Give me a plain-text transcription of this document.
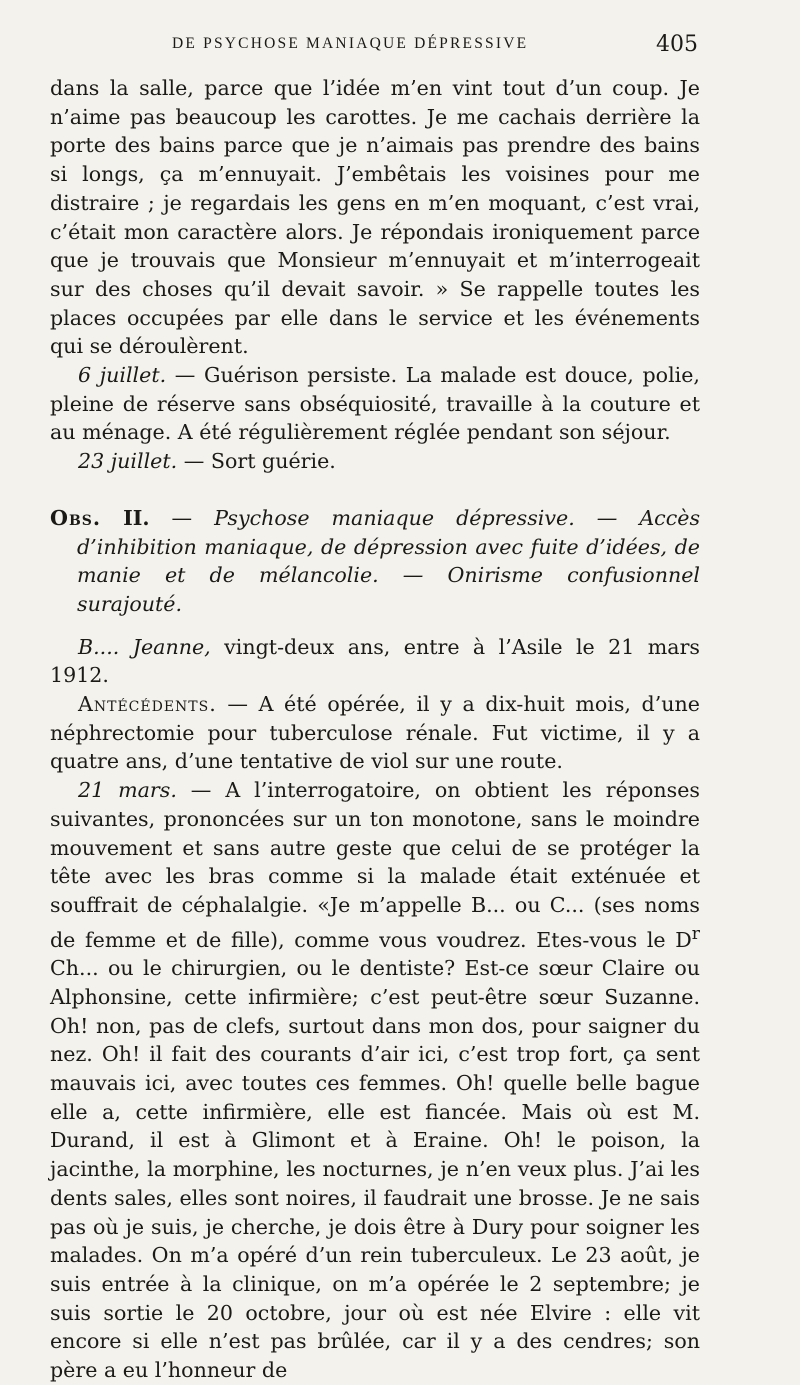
DE PSYCHOSE MANIAQUE DÉPRESSIVE	405

dans la salle, parce que l’idée m’en vint tout d’un coup. Je n’aime pas beaucoup les carottes. Je me cachais derrière la porte des bains parce que je n’aimais pas prendre des bains si longs, ça m’ennuyait. J’embêtais les voisines pour me distraire ; je regardais les gens en m’en moquant, c’est vrai, c’était mon caractère alors. Je répondais ironiquement parce que je trouvais que Monsieur m’ennuyait et m’interrogeait sur des choses qu’il devait savoir. » Se rappelle toutes les places occupées par elle dans le service et les événements qui se déroulèrent.

6 juillet. — Guérison persiste. La malade est douce, polie, pleine de réserve sans obséquiosité, travaille à la couture et au ménage. A été régulièrement réglée pendant son séjour.

23 juillet. — Sort guérie.

Obs. II. — Psychose maniaque dépressive. — Accès d’inhibition maniaque, de dépression avec fuite d’idées, de manie et de mélancolie. — Onirisme confusionnel surajouté.

B.... Jeanne, vingt-deux ans, entre à l’Asile le 21 mars 1912.

Antécédents. — A été opérée, il y a dix-huit mois, d’une néphrectomie pour tuberculose rénale. Fut victime, il y a quatre ans, d’une tentative de viol sur une route.

21 mars. — A l’interrogatoire, on obtient les réponses suivantes, prononcées sur un ton monotone, sans le moindre mouvement et sans autre geste que celui de se protéger la tête avec les bras comme si la malade était exténuée et souffrait de céphalalgie. «Je m’appelle B... ou C... (ses noms de femme et de fille), comme vous voudrez. Etes-vous le $D^r$ Ch... ou le chirurgien, ou le dentiste? Est-ce sœur Claire ou Alphonsine, cette infirmière; c’est peut-être sœur Suzanne. Oh! non, pas de clefs, surtout dans mon dos, pour saigner du nez. Oh! il fait des courants d’air ici, c’est trop fort, ça sent mauvais ici, avec toutes ces femmes. Oh! quelle belle bague elle a, cette infirmière, elle est fiancée. Mais où est M. Durand, il est à Glimont et à Eraine. Oh! le poison, la jacinthe, la morphine, les nocturnes, je n’en veux plus. J’ai les dents sales, elles sont noires, il faudrait une brosse. Je ne sais pas où je suis, je cherche, je dois être à Dury pour soigner les malades. On m’a opéré d’un rein tuberculeux. Le 23 août, je suis entrée à la clinique, on m’a opérée le 2 septembre; je suis sortie le 20 octobre, jour où est née Elvire : elle vit encore si elle n’est pas brûlée, car il y a des cendres; son père a eu l’honneur de
